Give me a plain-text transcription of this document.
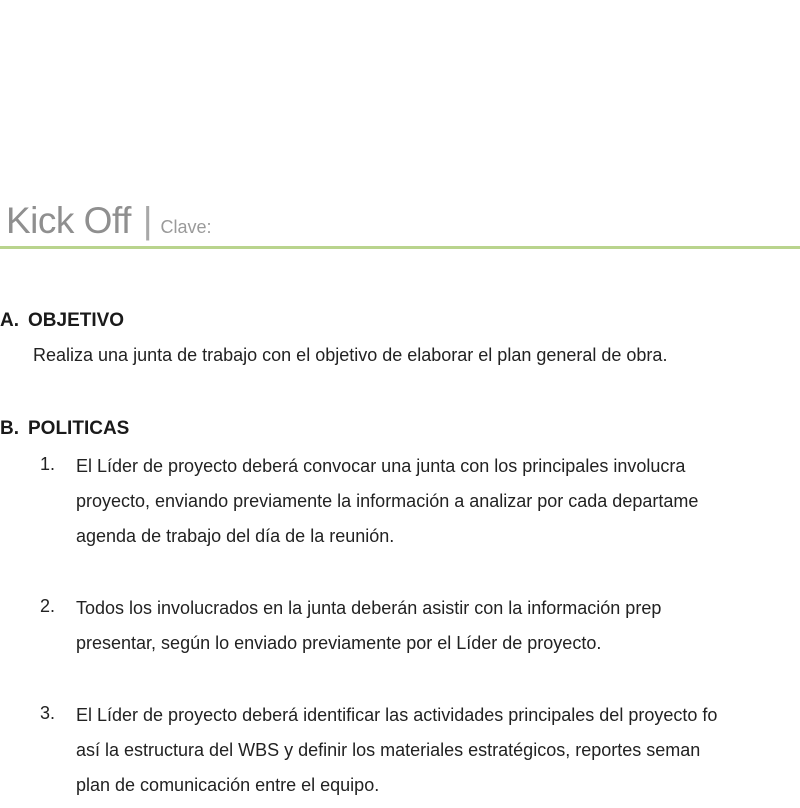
Kick Off | Clave:
A. OBJETIVO
Realiza una junta de trabajo con el objetivo de elaborar el plan general de obra.
B. POLITICAS
1. El Líder de proyecto deberá convocar una junta con los principales involucra
proyecto, enviando previamente la información a analizar por cada departame
agenda de trabajo del día de la reunión.
2. Todos los involucrados en la junta deberán asistir con la información prep
presentar, según lo enviado previamente por el Líder de proyecto.
3. El Líder de proyecto deberá identificar las actividades principales del proyecto fo
así la estructura del WBS y definir los materiales estratégicos, reportes seman
plan de comunicación entre el equipo.
